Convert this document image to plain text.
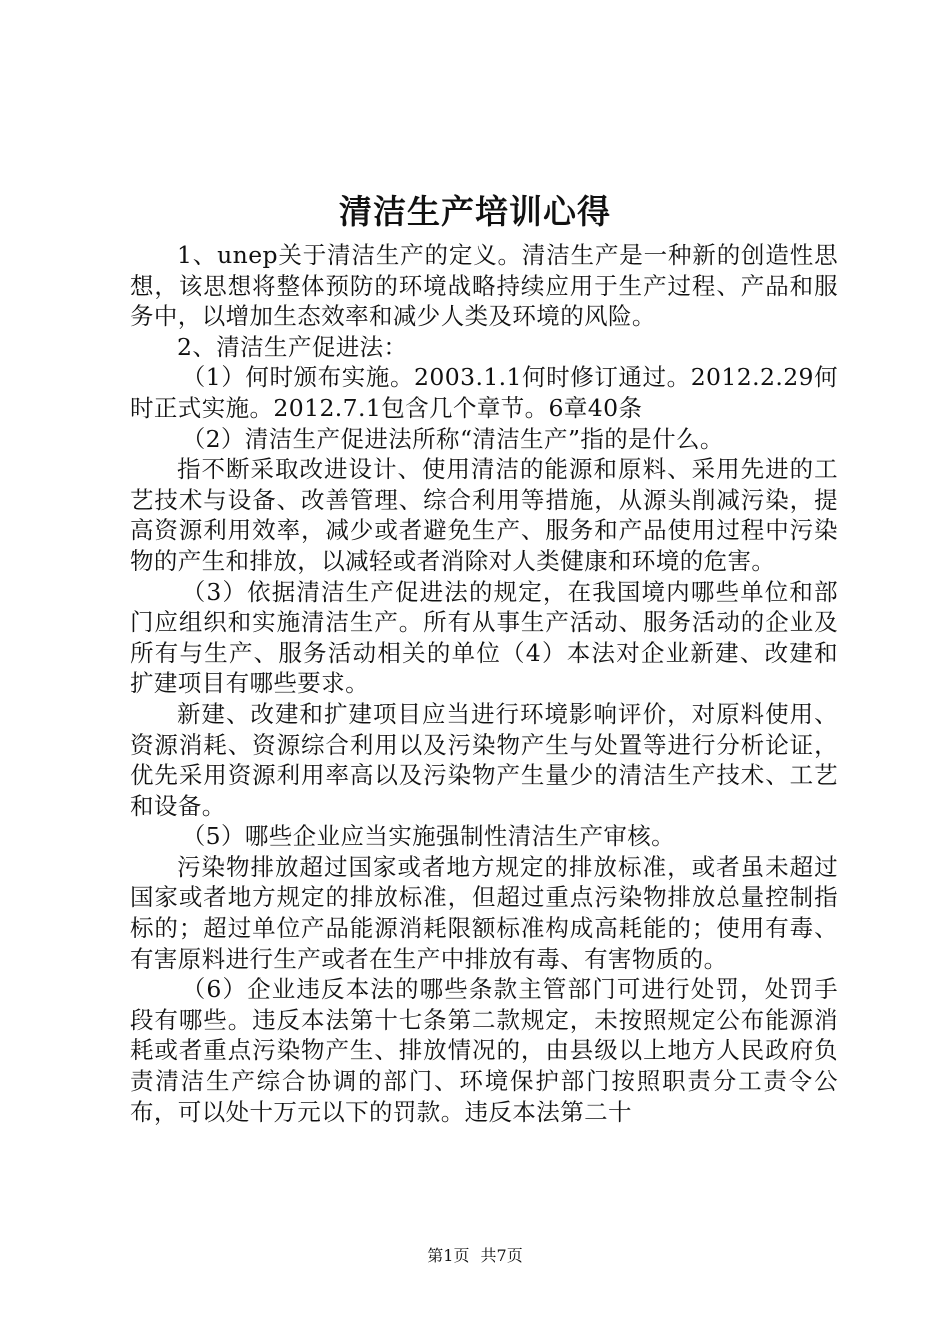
清洁生产培训心得

1、unep关于清洁生产的定义。清洁生产是一种新的创造性思想，该思想将整体预防的环境战略持续应用于生产过程、产品和服务中，以增加生态效率和减少人类及环境的风险。

2、清洁生产促进法：

（1）何时颁布实施。2003.1.1何时修订通过。2012.2.29何时正式实施。2012.7.1包含几个章节。6章40条

（2）清洁生产促进法所称“清洁生产”指的是什么。

指不断采取改进设计、使用清洁的能源和原料、采用先进的工艺技术与设备、改善管理、综合利用等措施，从源头削减污染，提高资源利用效率，减少或者避免生产、服务和产品使用过程中污染物的产生和排放，以减轻或者消除对人类健康和环境的危害。

（3）依据清洁生产促进法的规定，在我国境内哪些单位和部门应组织和实施清洁生产。所有从事生产活动、服务活动的企业及所有与生产、服务活动相关的单位（4）本法对企业新建、改建和扩建项目有哪些要求。

新建、改建和扩建项目应当进行环境影响评价，对原料使用、资源消耗、资源综合利用以及污染物产生与处置等进行分析论证，优先采用资源利用率高以及污染物产生量少的清洁生产技术、工艺和设备。

（5）哪些企业应当实施强制性清洁生产审核。

污染物排放超过国家或者地方规定的排放标准，或者虽未超过国家或者地方规定的排放标准，但超过重点污染物排放总量控制指标的；超过单位产品能源消耗限额标准构成高耗能的；使用有毒、有害原料进行生产或者在生产中排放有毒、有害物质的。

（6）企业违反本法的哪些条款主管部门可进行处罚，处罚手段有哪些。违反本法第十七条第二款规定，未按照规定公布能源消耗或者重点污染物产生、排放情况的，由县级以上地方人民政府负责清洁生产综合协调的部门、环境保护部门按照职责分工责令公布，可以处十万元以下的罚款。违反本法第二十

第1页 共7页
